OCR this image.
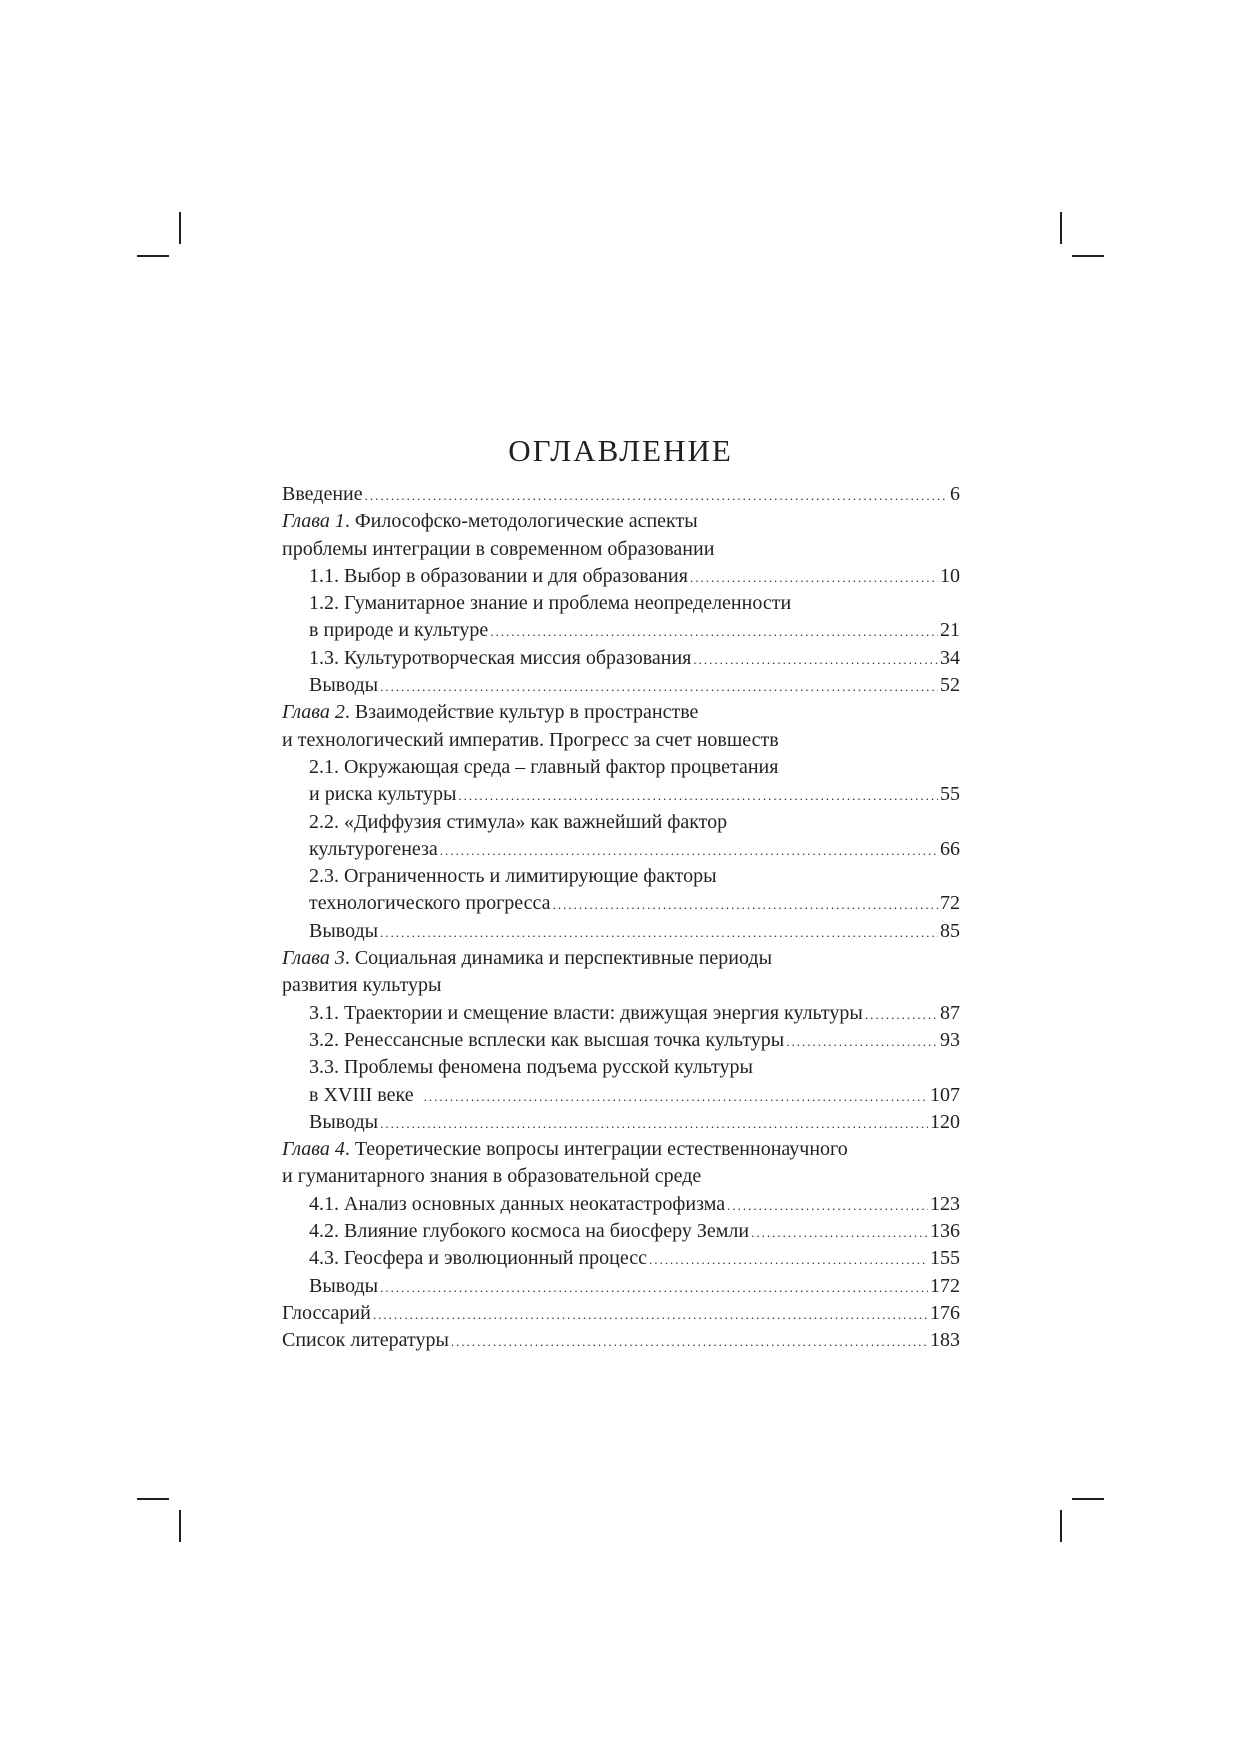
ОГЛАВЛЕНИЕ
Введение .....	6
Глава 1. Философско-методологические аспекты
проблемы интеграции в современном образовании
1.1. Выбор в образовании и для образования .....	10
1.2. Гуманитарное знание и проблема неопределенности
в природе и культуре .....	21
1.3. Культуротворческая миссия образования .....	34
Выводы .....	52
Глава 2. Взаимодействие культур в пространстве
и технологический императив. Прогресс за счет новшеств
2.1. Окружающая среда – главный фактор процветания
и риска культуры .....	55
2.2. «Диффузия стимула» как важнейший фактор
культурогенеза .....	66
2.3. Ограниченность и лимитирующие факторы
технологического прогресса .....	72
Выводы .....	85
Глава 3. Социальная динамика и перспективные периоды
развития культуры
3.1. Траектории и смещение власти: движущая энергия культуры .....	87
3.2. Ренессансные всплески как высшая точка культуры .....	93
3.3. Проблемы феномена подъема русской культуры
в XVIII веке .....	107
Выводы .....	120
Глава 4. Теоретические вопросы интеграции естественнонаучного
и гуманитарного знания в образовательной среде
4.1. Анализ основных данных неокатастрофизма .....	123
4.2. Влияние глубокого космоса на биосферу Земли .....	136
4.3. Геосфера и эволюционный процесс .....	155
Выводы .....	172
Глоссарий .....	176
Список литературы .....	183
